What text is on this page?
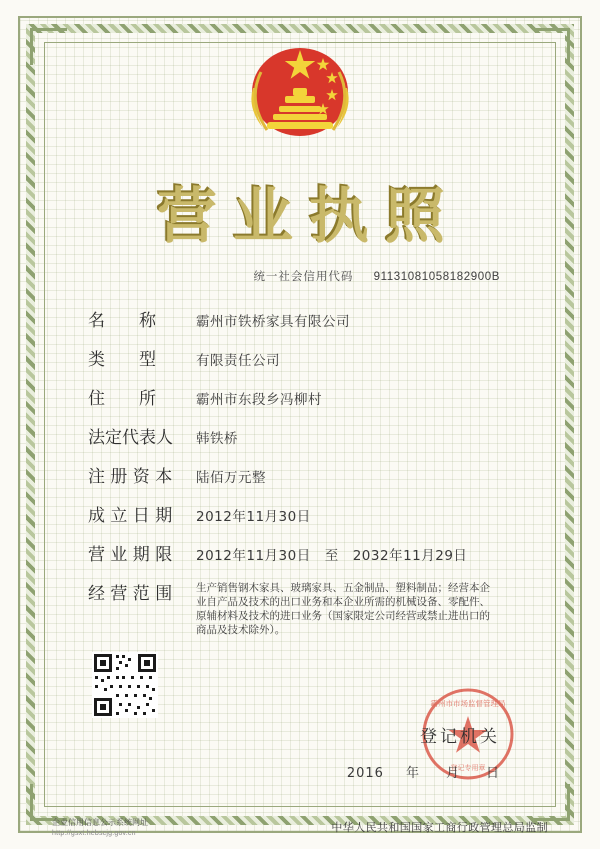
营业执照
统一社会信用代码 91131081058182900B
名　　称	霸州市铁桥家具有限公司
类　　型	有限责任公司
住　　所	霸州市东段乡冯柳村
法定代表人	韩铁桥
注 册 资 本	陆佰万元整
成 立 日 期	2012年11月30日
营 业 期 限	2012年11月30日　至　2032年11月29日
经 营 范 围	生产销售钢木家具、玻璃家具、五金制品、塑料制品；经营本企业自产品及技术的出口业务和本企业所需的机械设备、零配件、原辅材料及技术的进口业务（国家限定公司经营或禁止进出口的商品及技术除外）。
霸州市市场监督管理局
登记专用章
登记机关
2016 年 月 日
企业信用信息公示系统网址
http://gsxt.hebscjg.gov.cn	中华人民共和国国家工商行政管理总局监制
